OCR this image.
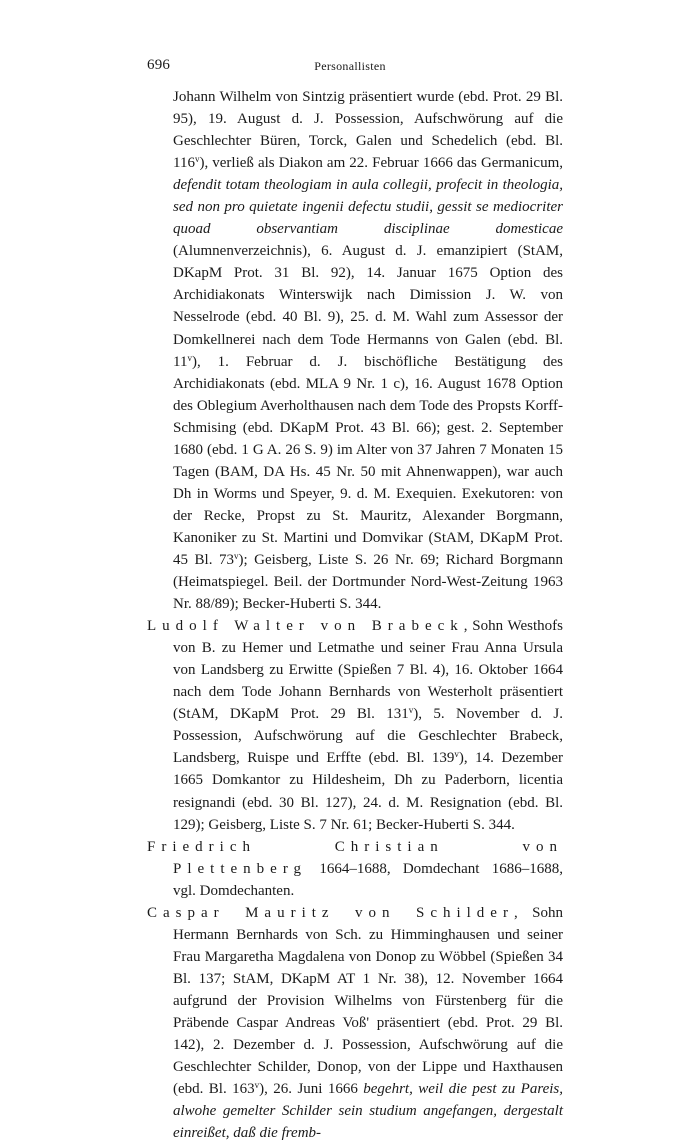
696	Personallisten

Johann Wilhelm von Sintzig präsentiert wurde (ebd. Prot. 29 Bl. 95), 19. August d. J. Possession, Aufschwörung auf die Geschlechter Büren, Torck, Galen und Schedelich (ebd. Bl. 116$^v$), verließ als Diakon am 22. Februar 1666 das Germanicum, defendit totam theologiam in aula collegii, profecit in theologia, sed non pro quietate ingenii defectu studii, gessit se mediocriter quoad observantiam disciplinae domesticae (Alumnenverzeichnis), 6. August d. J. emanzipiert (StAM, DKapM Prot. 31 Bl. 92), 14. Januar 1675 Option des Archidiakonats Winterswijk nach Dimission J. W. von Nesselrode (ebd. 40 Bl. 9), 25. d. M. Wahl zum Assessor der Domkellnerei nach dem Tode Hermanns von Galen (ebd. Bl. 11$^v$), 1. Februar d. J. bischöfliche Bestätigung des Archidiakonats (ebd. MLA 9 Nr. 1 c), 16. August 1678 Option des Oblegium Averholthausen nach dem Tode des Propsts Korff-Schmising (ebd. DKapM Prot. 43 Bl. 66); gest. 2. September 1680 (ebd. 1 G A. 26 S. 9) im Alter von 37 Jahren 7 Monaten 15 Tagen (BAM, DA Hs. 45 Nr. 50 mit Ahnenwappen), war auch Dh in Worms und Speyer, 9. d. M. Exequien. Exekutoren: von der Recke, Propst zu St. Mauritz, Alexander Borgmann, Kanoniker zu St. Martini und Domvikar (StAM, DKapM Prot. 45 Bl. 73$^v$); Geisberg, Liste S. 26 Nr. 69; Richard Borgmann (Heimatspiegel. Beil. der Dortmunder Nord-West-Zeitung 1963 Nr. 88/89); Becker-Huberti S. 344.

Ludolf Walter von Brabeck, Sohn Westhofs von B. zu Hemer und Letmathe und seiner Frau Anna Ursula von Landsberg zu Erwitte (Spießen 7 Bl. 4), 16. Oktober 1664 nach dem Tode Johann Bernhards von Westerholt präsentiert (StAM, DKapM Prot. 29 Bl. 131$^v$), 5. November d. J. Possession, Aufschwörung auf die Geschlechter Brabeck, Landsberg, Ruispe und Erffte (ebd. Bl. 139$^v$), 14. Dezember 1665 Domkantor zu Hildesheim, Dh zu Paderborn, licentia resignandi (ebd. 30 Bl. 127), 24. d. M. Resignation (ebd. Bl. 129); Geisberg, Liste S. 7 Nr. 61; Becker-Huberti S. 344.

Friedrich Christian von Plettenberg 1664–1688, Domdechant 1686–1688, vgl. Domdechanten.

Caspar Mauritz von Schilder, Sohn Hermann Bernhards von Sch. zu Himminghausen und seiner Frau Margaretha Magdalena von Donop zu Wöbbel (Spießen 34 Bl. 137; StAM, DKapM AT 1 Nr. 38), 12. November 1664 aufgrund der Provision Wilhelms von Fürstenberg für die Präbende Caspar Andreas Voß' präsentiert (ebd. Prot. 29 Bl. 142), 2. Dezember d. J. Possession, Aufschwörung auf die Geschlechter Schilder, Donop, von der Lippe und Haxthausen (ebd. Bl. 163$^v$), 26. Juni 1666 begehrt, weil die pest zu Pareis, alwohe gemelter Schilder sein studium angefangen, dergestalt einreißet, daß die fremb-
